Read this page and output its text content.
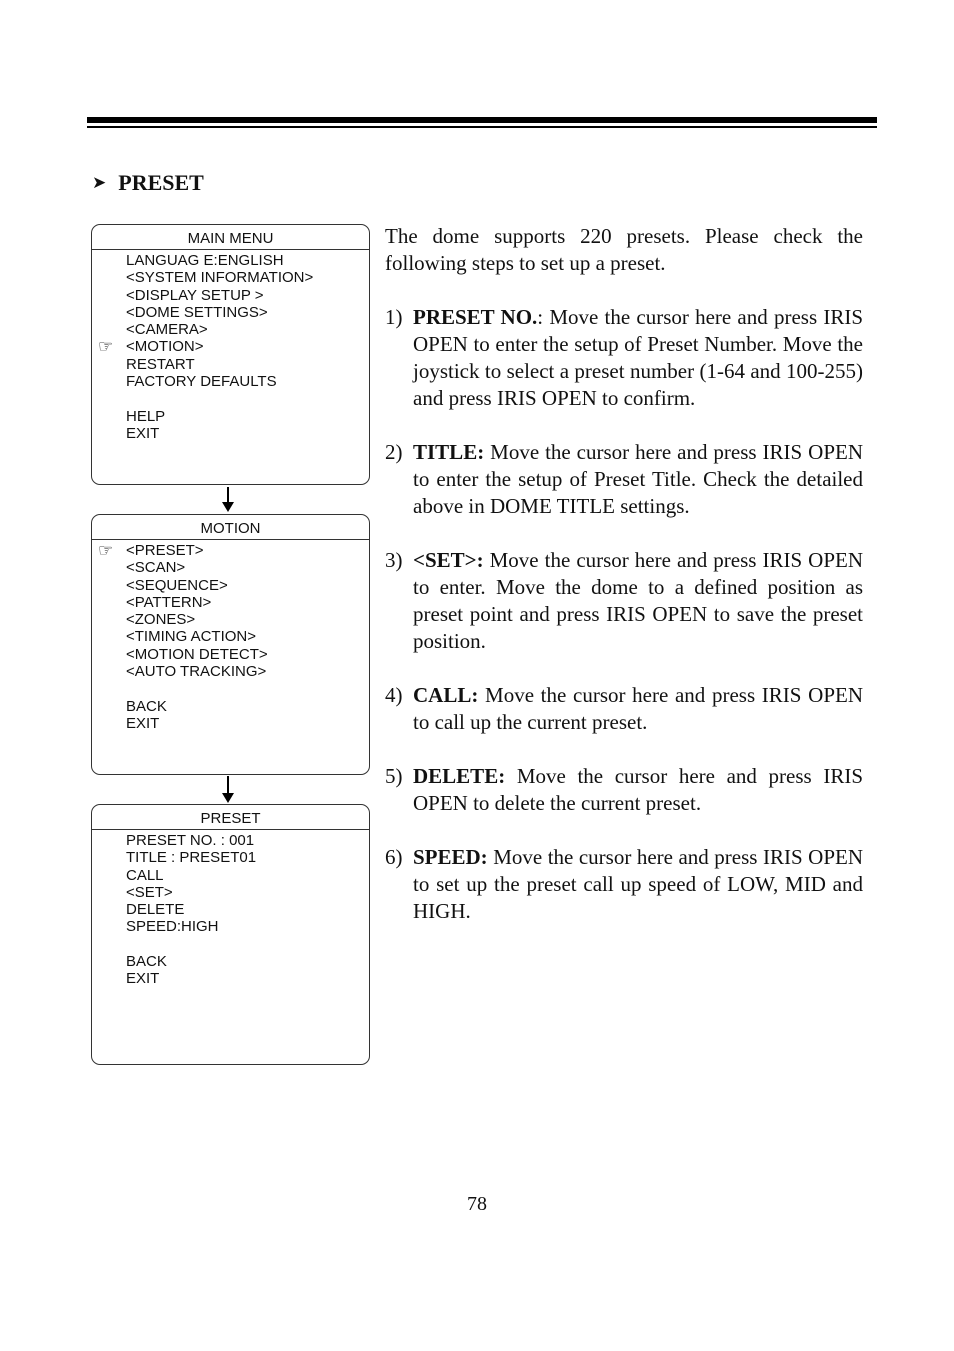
➤ PRESET
MAIN MENU
LANGUAG E:ENGLISH
<SYSTEM INFORMATION>
<DISPLAY SETUP >
<DOME SETTINGS>
<CAMERA>
☞ <MOTION>
RESTART
FACTORY DEFAULTS
HELP
EXIT
MOTION
☞ <PRESET>
<SCAN>
<SEQUENCE>
<PATTERN>
<ZONES>
<TIMING ACTION>
<MOTION DETECT>
<AUTO TRACKING>
BACK
EXIT
PRESET
PRESET NO. : 001
TITLE : PRESET01
CALL
<SET>
DELETE
SPEED:HIGH
BACK
EXIT

The dome supports 220 presets. Please check the following steps to set up a preset.

1) PRESET NO.: Move the cursor here and press IRIS OPEN to enter the setup of Preset Number. Move the joystick to select a preset number (1-64 and 100-255) and press IRIS OPEN to confirm.
2) TITLE: Move the cursor here and press IRIS OPEN to enter the setup of Preset Title. Check the detailed above in DOME TITLE settings.
3) <SET>: Move the cursor here and press IRIS OPEN to enter. Move the dome to a defined position as preset point and press IRIS OPEN to save the preset position.
4) CALL: Move the cursor here and press IRIS OPEN to call up the current preset.
5) DELETE: Move the cursor here and press IRIS OPEN to delete the current preset.
6) SPEED: Move the cursor here and press IRIS OPEN to set up the preset call up speed of LOW, MID and HIGH.
78
